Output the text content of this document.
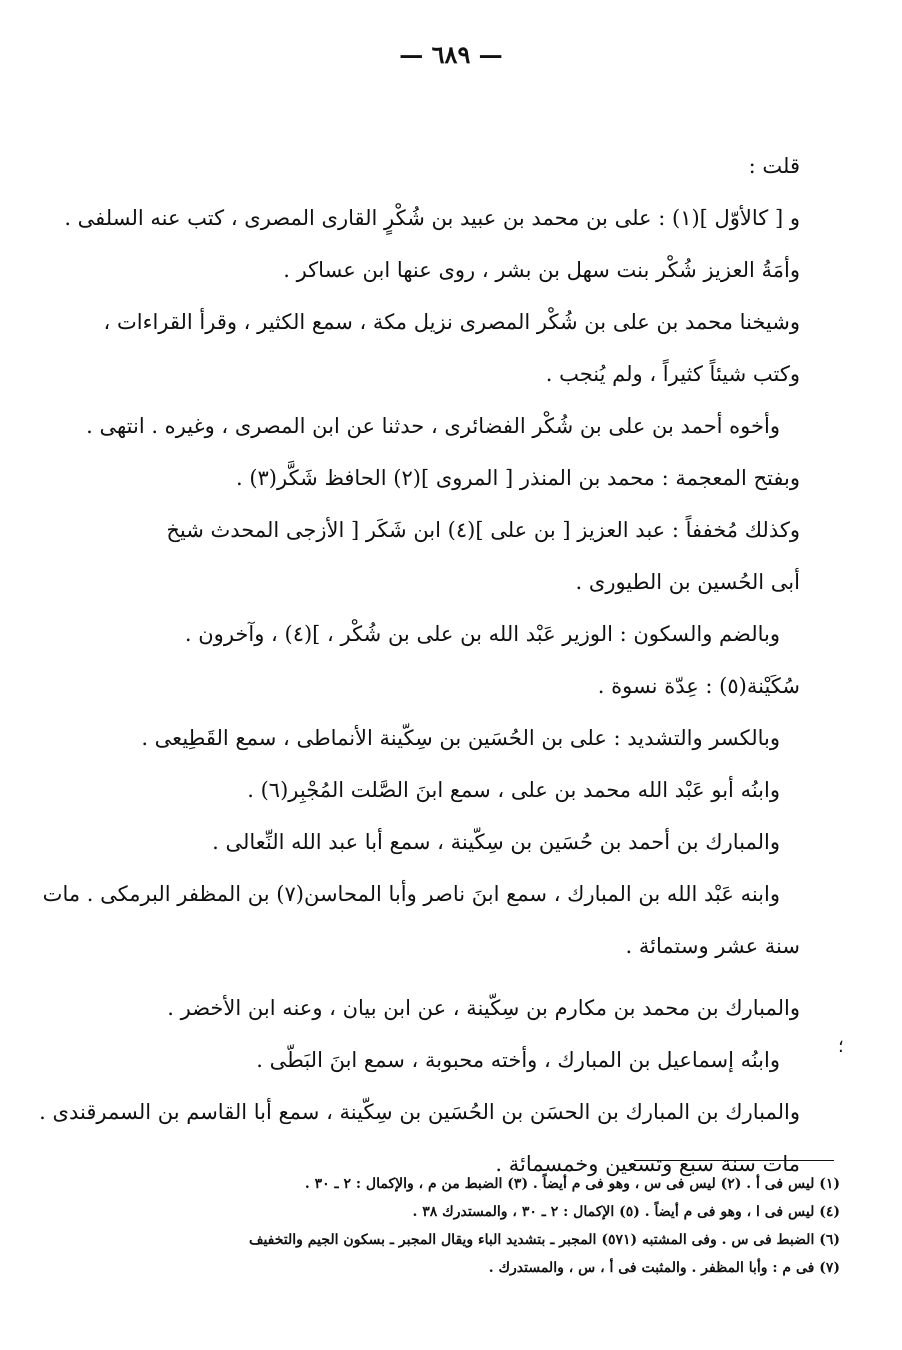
— ٦٨٩ —
قلت :
و [ كالأوّل ](١) : على بن محمد بن عبيد بن شُكْرٍ القارى المصرى ، كتب عنه السلفى .
وأمَةُ العزيز شُكْر بنت سهل بن بشر ، روى عنها ابن عساكر .
وشيخنا محمد بن على بن شُكْر المصرى نزيل مكة ، سمع الكثير ، وقرأ القراءات ،
وكتب شيئاً كثيراً ، ولم يُنجب .
وأخوه أحمد بن على بن شُكْر الفضائرى ، حدثنا عن ابن المصرى ، وغيره . انتهى .
وبفتح المعجمة : محمد بن المنذر [ المروى ](٢) الحافظ شَكَّر(٣) .
وكذلك مُخففاً : عبد العزيز [ بن على ](٤) ابن شَكَر [ الأزجى المحدث شيخ
أبى الحُسين بن الطيورى .
وبالضم والسكون : الوزير عَبْد الله بن على بن شُكْر ، ](٤) ، وآخرون .
سُكَيْنة(٥) : عِدّة نسوة .
وبالكسر والتشديد : على بن الحُسَين بن سِكّينة الأنماطى ، سمع القَطِيعى .
وابنُه أبو عَبْد الله محمد بن على ، سمع ابنَ الصَّلت المُجْبِر(٦) .
والمبارك بن أحمد بن حُسَين بن سِكّينة ، سمع أبا عبد الله النِّعالى .
وابنه عَبْد الله بن المبارك ، سمع ابنَ ناصر وأبا المحاسن(٧) بن المظفر البرمكى . مات
سنة عشر وستمائة .
والمبارك بن محمد بن مكارم بن سِكّينة ، عن ابن بيان ، وعنه ابن الأخضر .
وابنُه إسماعيل بن المبارك ، وأخته محبوبة ، سمع ابنَ البَطّى .
والمبارك بن المبارك بن الحسَن بن الحُسَين بن سِكّينة ، سمع أبا القاسم بن السمرقندى .
مات سنة سبع وتسعين وخمسمائة .
؛
(١) ليس فى أ . (٢) ليس فى س ، وهو فى م أيضاً . (٣) الضبط من م ، والإكمال : ٢ ـ ٣٠ .
(٤) ليس فى ا ، وهو فى م أيضاً . (٥) الإكمال : ٢ ـ ٣٠ ، والمستدرك ٣٨ .
(٦) الضبط فى س . وفى المشتبه (٥٧١) المجبر ـ بتشديد الباء ويقال المجبر ـ بسكون الجيم والتخفيف
(٧) فى م : وأبا المظفر . والمثبت فى أ ، س ، والمستدرك .
